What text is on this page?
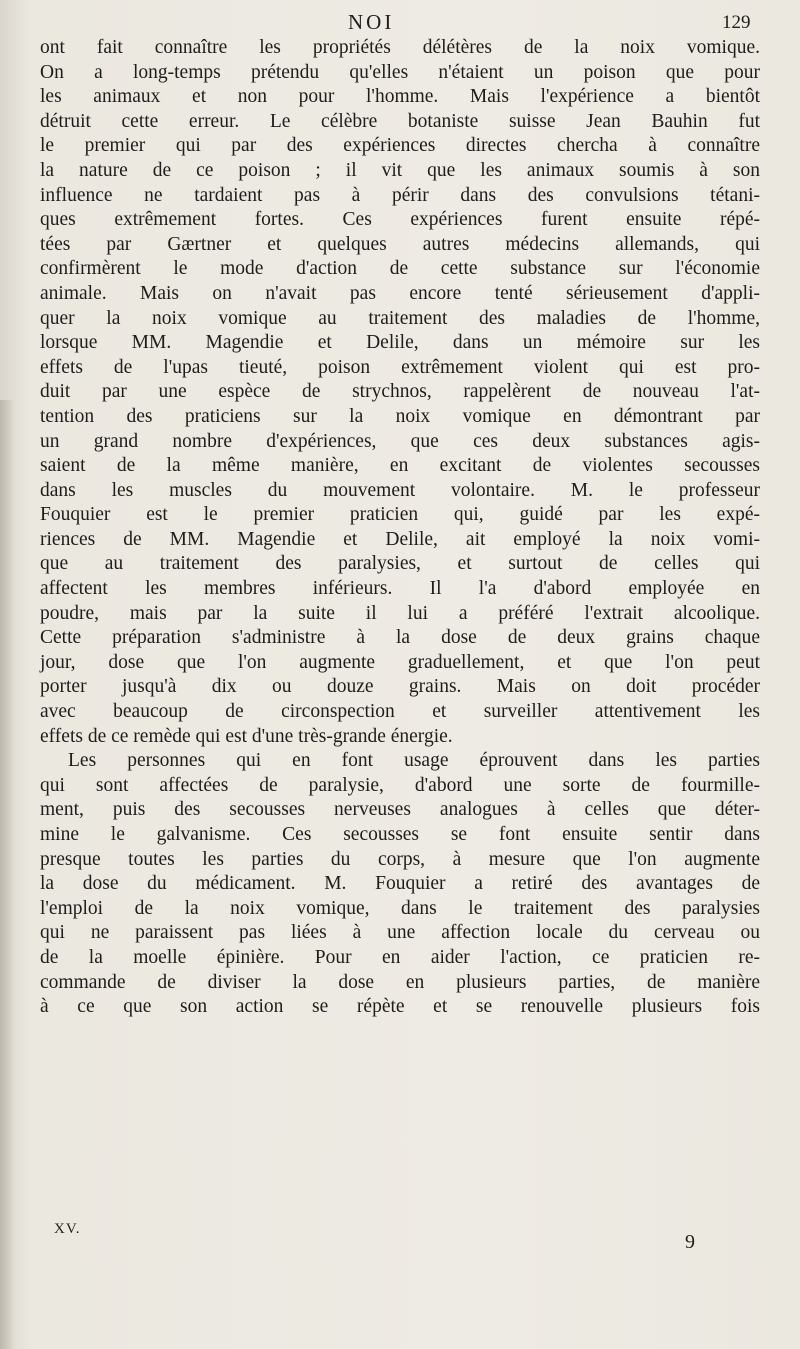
NOI	129
ont fait connaître les propriétés délétères de la noix vomique.
On a long-temps prétendu qu'elles n'étaient un poison que pour
les animaux et non pour l'homme. Mais l'expérience a bientôt
détruit cette erreur. Le célèbre botaniste suisse Jean Bauhin fut
le premier qui par des expériences directes chercha à connaître
la nature de ce poison ; il vit que les animaux soumis à son
influence ne tardaient pas à périr dans des convulsions tétani-
ques extrêmement fortes. Ces expériences furent ensuite répé-
tées par Gærtner et quelques autres médecins allemands, qui
confirmèrent le mode d'action de cette substance sur l'économie
animale. Mais on n'avait pas encore tenté sérieusement d'appli-
quer la noix vomique au traitement des maladies de l'homme,
lorsque MM. Magendie et Delile, dans un mémoire sur les
effets de l'upas tieuté, poison extrêmement violent qui est pro-
duit par une espèce de strychnos, rappelèrent de nouveau l'at-
tention des praticiens sur la noix vomique en démontrant par
un grand nombre d'expériences, que ces deux substances agis-
saient de la même manière, en excitant de violentes secousses
dans les muscles du mouvement volontaire. M. le professeur
Fouquier est le premier praticien qui, guidé par les expé-
riences de MM. Magendie et Delile, ait employé la noix vomi-
que au traitement des paralysies, et surtout de celles qui
affectent les membres inférieurs. Il l'a d'abord employée en
poudre, mais par la suite il lui a préféré l'extrait alcoolique.
Cette préparation s'administre à la dose de deux grains chaque
jour, dose que l'on augmente graduellement, et que l'on peut
porter jusqu'à dix ou douze grains. Mais on doit procéder
avec beaucoup de circonspection et surveiller attentivement les
effets de ce remède qui est d'une très-grande énergie.
Les personnes qui en font usage éprouvent dans les parties
qui sont affectées de paralysie, d'abord une sorte de fourmille-
ment, puis des secousses nerveuses analogues à celles que déter-
mine le galvanisme. Ces secousses se font ensuite sentir dans
presque toutes les parties du corps, à mesure que l'on augmente
la dose du médicament. M. Fouquier a retiré des avantages de
l'emploi de la noix vomique, dans le traitement des paralysies
qui ne paraissent pas liées à une affection locale du cerveau ou
de la moelle épinière. Pour en aider l'action, ce praticien re-
commande de diviser la dose en plusieurs parties, de manière
à ce que son action se répète et se renouvelle plusieurs fois
XV.
9
